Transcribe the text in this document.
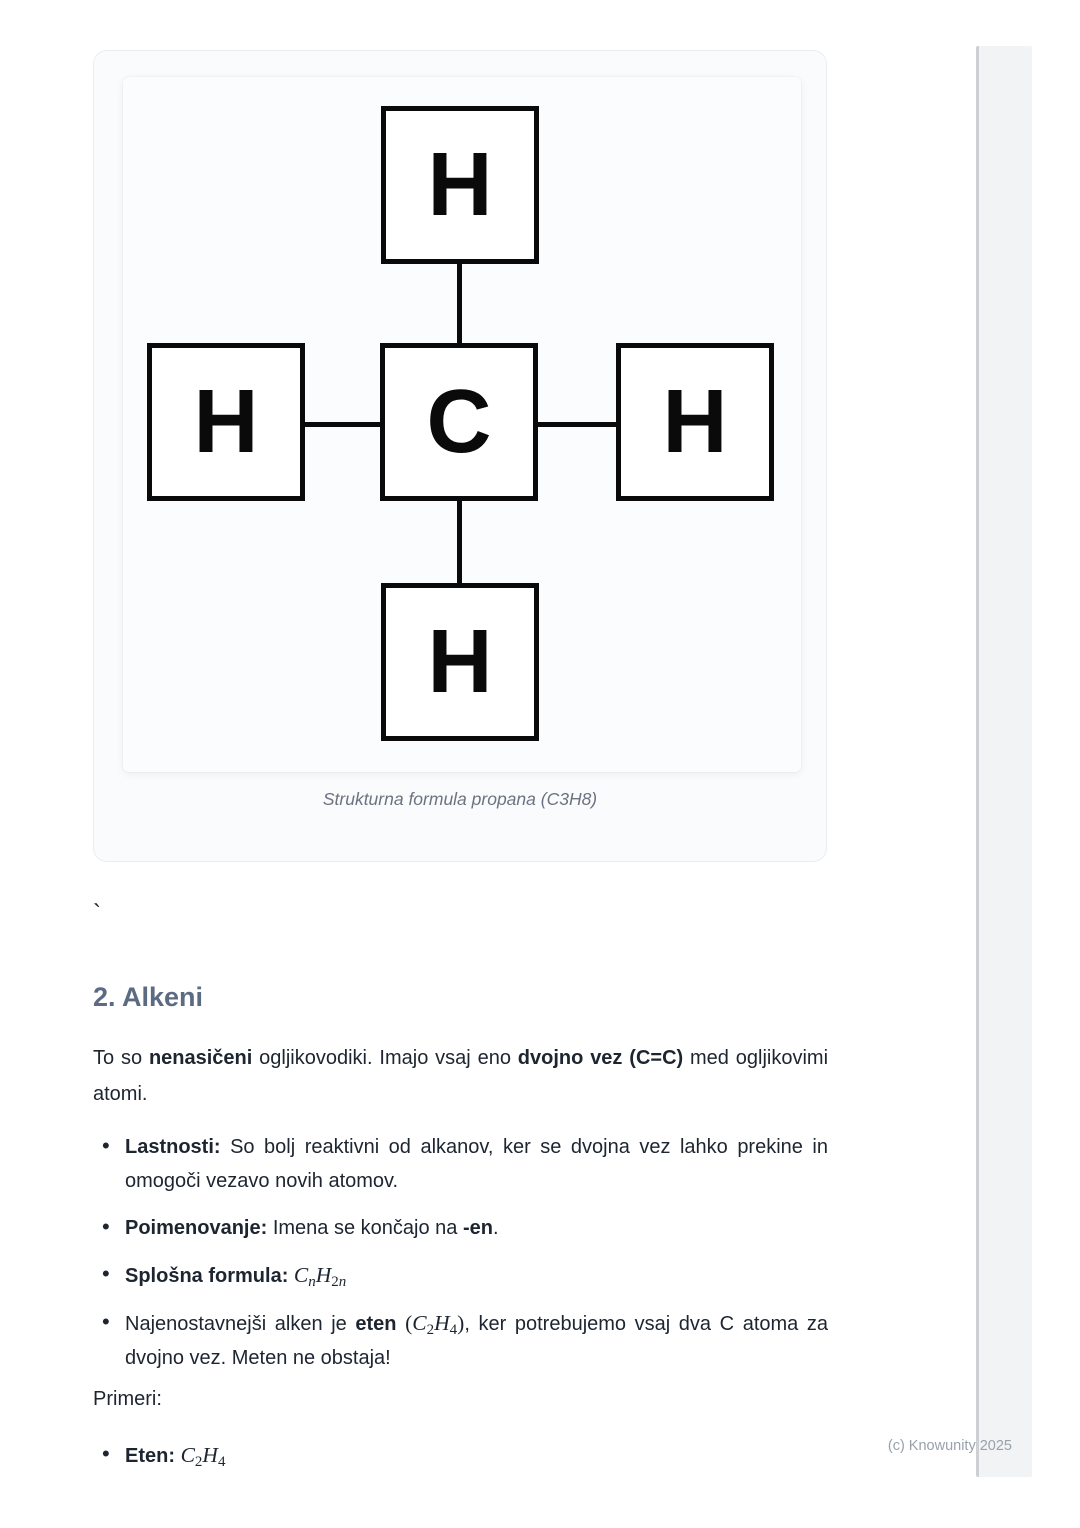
H
H C H
H
Strukturna formula propana (C3H8)
`
2. Alkeni

To so nenasičeni ogljikovodiki. Imajo vsaj eno dvojno vez (C=C) med ogljikovimi atomi.

• Lastnosti: So bolj reaktivni od alkanov, ker se dvojna vez lahko prekine in omogoči vezavo novih atomov.
• Poimenovanje: Imena se končajo na -en.
• Splošna formula: $C_nH_{2n}$
• Najenostavnejši alken je eten $(C_2H_4)$, ker potrebujemo vsaj dva C atoma za dvojno vez. Meten ne obstaja!
Primeri:
• Eten: $C_2H_4$
(c) Knowunity 2025
